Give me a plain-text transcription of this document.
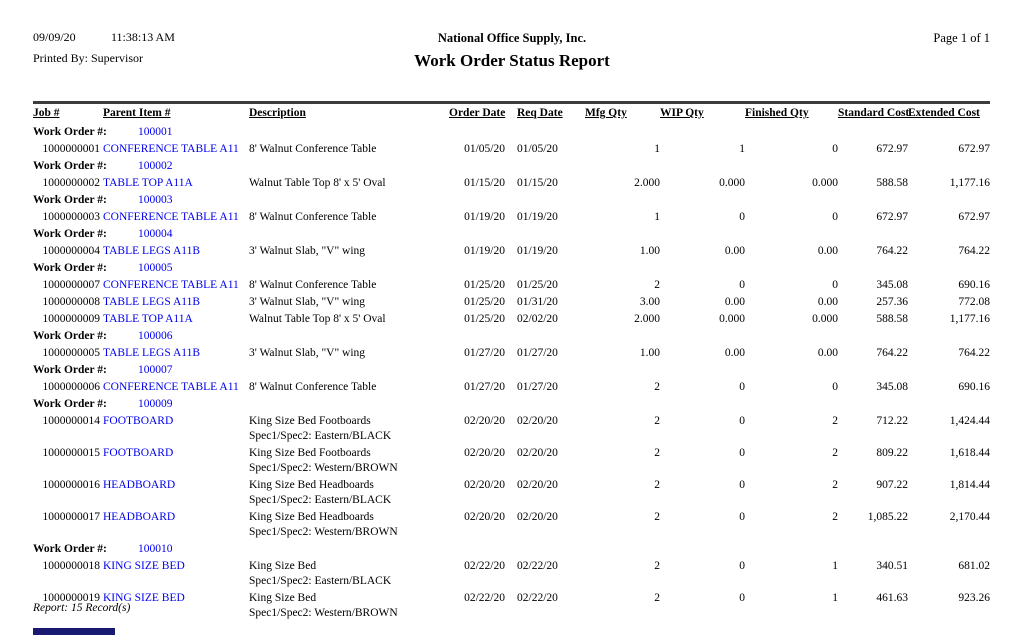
09/09/20	11:38:13 AM
Printed By: Supervisor
National Office Supply, Inc.
Work Order Status Report
Page 1 of 1
Job #	Parent Item #	Description	Order Date	Req Date	Mfg Qty	WIP Qty	Finished Qty	Standard Cost	Extended Cost
Work Order #: 100001									
1000000001	CONFERENCE TABLE A11	8' Walnut Conference Table	01/05/20	01/05/20	1	1	0	672.97	672.97
Work Order #: 100002									
1000000002	TABLE TOP A11A	Walnut Table Top 8' x 5' Oval	01/15/20	01/15/20	2.000	0.000	0.000	588.58	1,177.16
Work Order #: 100003									
1000000003	CONFERENCE TABLE A11	8' Walnut Conference Table	01/19/20	01/19/20	1	0	0	672.97	672.97
Work Order #: 100004									
1000000004	TABLE LEGS A11B	3' Walnut Slab, "V" wing	01/19/20	01/19/20	1.00	0.00	0.00	764.22	764.22
Work Order #: 100005									
1000000007	CONFERENCE TABLE A11	8' Walnut Conference Table	01/25/20	01/25/20	2	0	0	345.08	690.16
1000000008	TABLE LEGS A11B	3' Walnut Slab, "V" wing	01/25/20	01/31/20	3.00	0.00	0.00	257.36	772.08
1000000009	TABLE TOP A11A	Walnut Table Top 8' x 5' Oval	01/25/20	02/02/20	2.000	0.000	0.000	588.58	1,177.16
Work Order #: 100006									
1000000005	TABLE LEGS A11B	3' Walnut Slab, "V" wing	01/27/20	01/27/20	1.00	0.00	0.00	764.22	764.22
Work Order #: 100007									
1000000006	CONFERENCE TABLE A11	8' Walnut Conference Table	01/27/20	01/27/20	2	0	0	345.08	690.16
Work Order #: 100009									
1000000014	FOOTBOARD	King Size Bed Footboards
Spec1/Spec2: Eastern/BLACK	02/20/20	02/20/20	2	0	2	712.22	1,424.44
1000000015	FOOTBOARD	King Size Bed Footboards
Spec1/Spec2: Western/BROWN	02/20/20	02/20/20	2	0	2	809.22	1,618.44
1000000016	HEADBOARD	King Size Bed Headboards
Spec1/Spec2: Eastern/BLACK	02/20/20	02/20/20	2	0	2	907.22	1,814.44
1000000017	HEADBOARD	King Size Bed Headboards
Spec1/Spec2: Western/BROWN	02/20/20	02/20/20	2	0	2	1,085.22	2,170.44
Work Order #: 100010									
1000000018	KING SIZE BED	King Size Bed
Spec1/Spec2: Eastern/BLACK	02/22/20	02/22/20	2	0	1	340.51	681.02
1000000019	KING SIZE BED	King Size Bed
Spec1/Spec2: Western/BROWN	02/22/20	02/22/20	2	0	1	461.63	923.26
Report: 15 Record(s)
